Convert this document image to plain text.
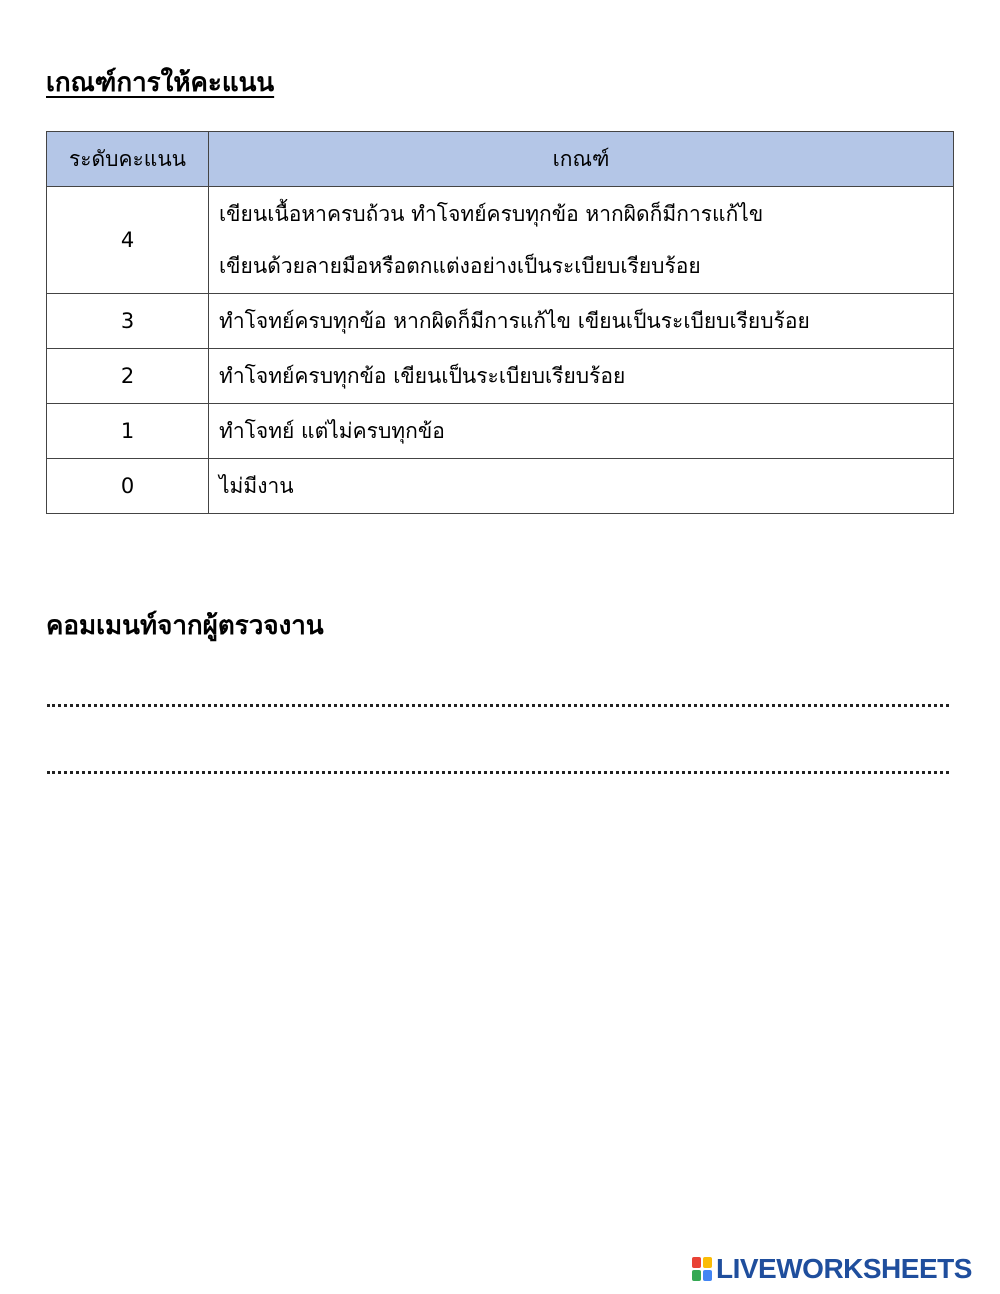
เกณฑ์การให้คะแนน
ระดับคะแนน	เกณฑ์
4	เขียนเนื้อหาครบถ้วน ทำโจทย์ครบทุกข้อ หากผิดก็มีการแก้ไข
เขียนด้วยลายมือหรือตกแต่งอย่างเป็นระเบียบเรียบร้อย

3	ทำโจทย์ครบทุกข้อ หากผิดก็มีการแก้ไข เขียนเป็นระเบียบเรียบร้อย
2	ทำโจทย์ครบทุกข้อ เขียนเป็นระเบียบเรียบร้อย
1	ทำโจทย์ แต่ไม่ครบทุกข้อ
0	ไม่มีงาน
คอมเมนท์จากผู้ตรวจงาน
LIVEWORKSHEETS
